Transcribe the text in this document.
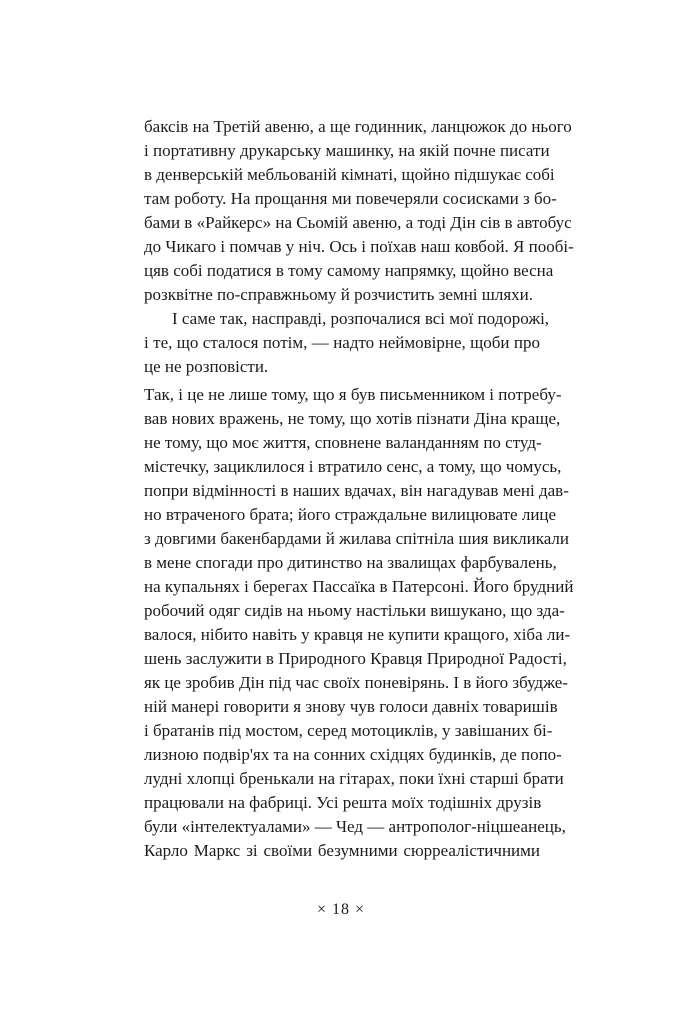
баксів на Третій авеню, а ще годинник, ланцюжок до нього
і портативну друкарську машинку, на якій почне писати
в денверській мебльованій кімнаті, щойно підшукає собі
там роботу. На прощання ми повечеряли сосисками з бо-
бами в «Райкерс» на Сьомій авеню, а тоді Дін сів в автобус
до Чикаго і помчав у ніч. Ось і поїхав наш ковбой. Я пообі-
цяв собі податися в тому самому напрямку, щойно весна
розквітне по-справжньому й розчистить земні шляхи.
І саме так, насправді, розпочалися всі мої подорожі,
і те, що сталося потім, — надто неймовірне, щоби про
це не розповісти.
Так, і це не лише тому, що я був письменником і потребу-
вав нових вражень, не тому, що хотів пізнати Діна краще,
не тому, що моє життя, сповнене валанданням по студ-
містечку, зациклилося і втратило сенс, а тому, що чомусь,
попри відмінності в наших вдачах, він нагадував мені дав-
но втраченого брата; його страждальне вилицювате лице
з довгими бакенбардами й жилава спітніла шия викликали
в мене спогади про дитинство на звалищах фарбувалень,
на купальнях і берегах Пассаїка в Патерсоні. Його брудний
робочий одяг сидів на ньому настільки вишукано, що зда-
валося, нібито навіть у кравця не купити кращого, хіба ли-
шень заслужити в Природного Кравця Природної Радості,
як це зробив Дін під час своїх поневірянь. І в його збудже-
ній манері говорити я знову чув голоси давніх товаришів
і братанів під мостом, серед мотоциклів, у завішаних бі-
лизною подвір'ях та на сонних східцях будинків, де попо-
лудні хлопці бренькали на гітарах, поки їхні старші брати
працювали на фабриці. Усі решта моїх тодішніх друзів
були «інтелектуалами» — Чед — антрополог-ніцшеанець,
Карло Маркс зі своїми безумними сюрреалістичними
× 18 ×
